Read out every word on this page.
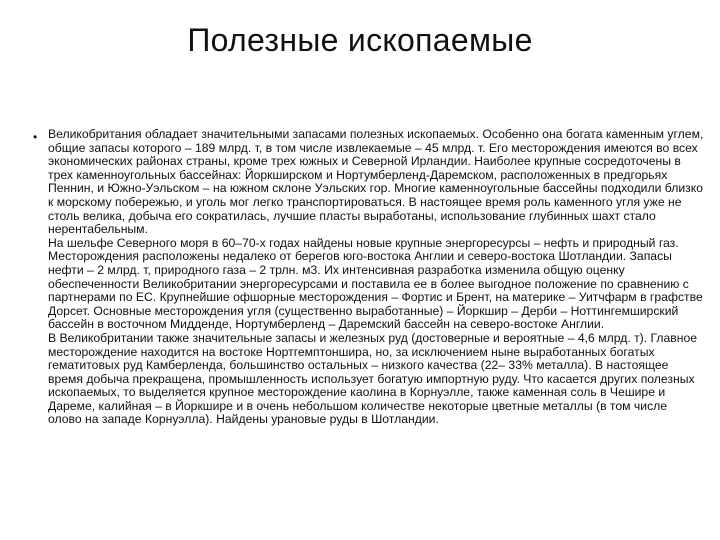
Полезные ископаемые
• Великобритания обладает значительными запасами полезных ископаемых. Особенно она богата каменным углем, общие запасы которого – 189 млрд. т, в том числе извлекаемые – 45 млрд. т. Его месторождения имеются во всех экономических районах страны, кроме трех южных и Северной Ирландии. Наиболее крупные сосредоточены в трех каменноугольных бассейнах: Йоркширском и Нортумберленд-Даремском, расположенных в предгорьях Пеннин, и Южно-Уэльском – на южном склоне Уэльских гор. Многие каменноугольные бассейны подходили близко к морскому побережью, и уголь мог легко транспортироваться. В настоящее время роль каменного угля уже не столь велика, добыча его сократилась, лучшие пласты выработаны, использование глубинных шахт стало нерентабельным.

На шельфе Северного моря в 60–70-х годах найдены новые крупные энергоресурсы – нефть и природный газ. Месторождения расположены недалеко от берегов юго-востока Англии и северо-востока Шотландии. Запасы нефти – 2 млрд. т, природного газа – 2 трлн. м3. Их интенсивная разработка изменила общую оценку обеспеченности Великобритании энергоресурсами и поставила ее в более выгодное положение по сравнению с партнерами по ЕС. Крупнейшие офшорные месторождения – Фортис и Брент, на материке – Уитчфарм в графстве Дорсет. Основные месторождения угля (существенно выработанные) – Йоркшир – Дерби – Ноттингемширский бассейн в восточном Мидденде, Нортумберленд – Даремский бассейн на северо-востоке Англии.

В Великобритании также значительные запасы и железных руд (достоверные и вероятные – 4,6 млрд. т). Главное месторождение находится на востоке Нортгемптоншира, но, за исключением ныне выработанных богатых гематитовых руд Камберленда, большинство остальных – низкого качества (22– 33% металла). В настоящее время добыча прекращена, промышленность использует богатую импортную руду. Что касается других полезных ископаемых, то выделяется крупное месторождение каолина в Корнуэлле, также каменная соль в Чешире и Дареме, калийная – в Йоркшире и в очень небольшом количестве некоторые цветные металлы (в том числе олово на западе Корнуэлла). Найдены урановые руды в Шотландии.
